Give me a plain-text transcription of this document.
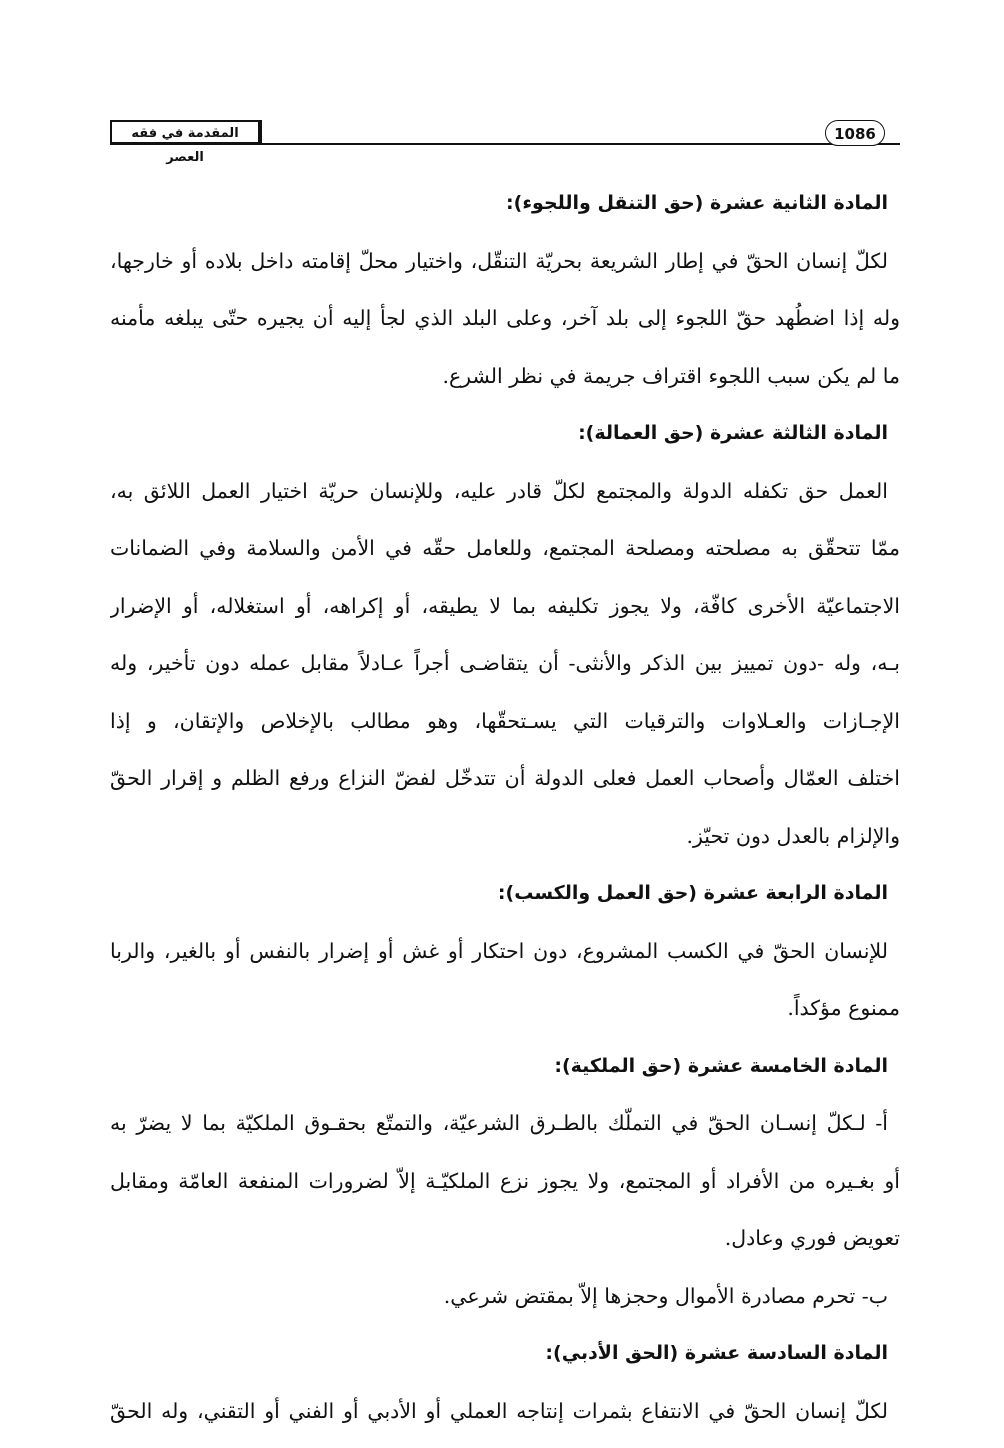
المقدمة في فقه العصر
1086
المادة الثانية عشرة (حق التنقل واللجوء):
لكلّ إنسان الحقّ في إطار الشريعة بحريّة التنقّل، واختيار محلّ إقامته داخل بلاده أو خارجها،
وله إذا اضطُهد حقّ اللجوء إلى بلد آخر، وعلى البلد الذي لجأ إليه أن يجيره حتّى يبلغه مأمنه
ما لم يكن سبب اللجوء اقتراف جريمة في نظر الشرع.
المادة الثالثة عشرة (حق العمالة):
العمل حق تكفله الدولة والمجتمع لكلّ قادر عليه، وللإنسان حريّة اختيار العمل اللائق به،
ممّا تتحقّق به مصلحته ومصلحة المجتمع، وللعامل حقّه في الأمن والسلامة وفي الضمانات
الاجتماعيّة الأخرى كافّة، ولا يجوز تكليفه بما لا يطيقه، أو إكراهه، أو استغلاله، أو الإضرار
بـه، وله -دون تمييز بين الذكر والأنثى- أن يتقاضـى أجراً عـادلاً مقابل عمله دون تأخير، وله
الإجـازات والعـلاوات والترقيات التي يسـتحقّها، وهو مطالب بالإخلاص والإتقان، و إذا
اختلف العمّال وأصحاب العمل فعلى الدولة أن تتدخّل لفضّ النزاع ورفع الظلم و إقرار الحقّ
والإلزام بالعدل دون تحيّز.
المادة الرابعة عشرة (حق العمل والكسب):
للإنسان الحقّ في الكسب المشروع، دون احتكار أو غش أو إضرار بالنفس أو بالغير، والربا
ممنوع مؤكداً.
المادة الخامسة عشرة (حق الملكية):
أ- لـكلّ إنسـان الحقّ في التملّك بالطـرق الشرعيّة، والتمتّع بحقـوق الملكيّة بما لا يضرّ به
أو بغـيره من الأفراد أو المجتمع، ولا يجوز نزع الملكيّـة إلاّ لضرورات المنفعة العامّة ومقابل
تعويض فوري وعادل.
ب- تحرم مصادرة الأموال وحجزها إلاّ بمقتض شرعي.
المادة السادسة عشرة (الحق الأدبي):
لكلّ إنسان الحقّ في الانتفاع بثمرات إنتاجه العملي أو الأدبي أو الفني أو التقني، وله الحقّ
